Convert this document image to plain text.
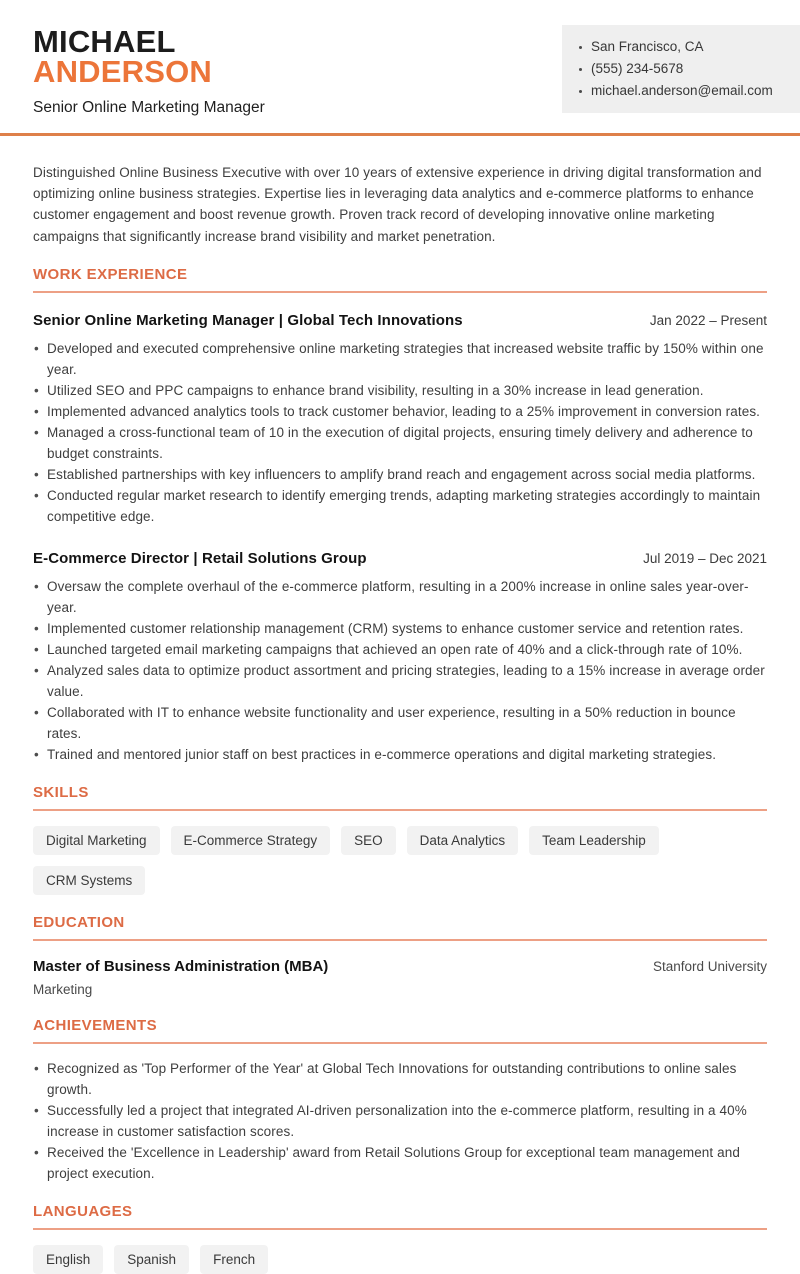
MICHAEL
ANDERSON
Senior Online Marketing Manager
San Francisco, CA
(555) 234-5678
michael.anderson@email.com

Distinguished Online Business Executive with over 10 years of extensive experience in driving digital transformation and optimizing online business strategies. Expertise lies in leveraging data analytics and e-commerce platforms to enhance customer engagement and boost revenue growth. Proven track record of developing innovative online marketing campaigns that significantly increase brand visibility and market penetration.

WORK EXPERIENCE
Senior Online Marketing Manager | Global Tech Innovations	Jan 2022 – Present
• Developed and executed comprehensive online marketing strategies that increased website traffic by 150% within one year.
• Utilized SEO and PPC campaigns to enhance brand visibility, resulting in a 30% increase in lead generation.
• Implemented advanced analytics tools to track customer behavior, leading to a 25% improvement in conversion rates.
• Managed a cross-functional team of 10 in the execution of digital projects, ensuring timely delivery and adherence to budget constraints.
• Established partnerships with key influencers to amplify brand reach and engagement across social media platforms.
• Conducted regular market research to identify emerging trends, adapting marketing strategies accordingly to maintain competitive edge.
E-Commerce Director | Retail Solutions Group	Jul 2019 – Dec 2021
• Oversaw the complete overhaul of the e-commerce platform, resulting in a 200% increase in online sales year-over-year.
• Implemented customer relationship management (CRM) systems to enhance customer service and retention rates.
• Launched targeted email marketing campaigns that achieved an open rate of 40% and a click-through rate of 10%.
• Analyzed sales data to optimize product assortment and pricing strategies, leading to a 15% increase in average order value.
• Collaborated with IT to enhance website functionality and user experience, resulting in a 50% reduction in bounce rates.
• Trained and mentored junior staff on best practices in e-commerce operations and digital marketing strategies.
SKILLS
Digital Marketing	E-Commerce Strategy	SEO	Data Analytics	Team Leadership
CRM Systems
EDUCATION
Master of Business Administration (MBA)	Stanford University
Marketing
ACHIEVEMENTS
• Recognized as 'Top Performer of the Year' at Global Tech Innovations for outstanding contributions to online sales growth.
• Successfully led a project that integrated AI-driven personalization into the e-commerce platform, resulting in a 40% increase in customer satisfaction scores.
• Received the 'Excellence in Leadership' award from Retail Solutions Group for exceptional team management and project execution.
LANGUAGES
English	Spanish	French
